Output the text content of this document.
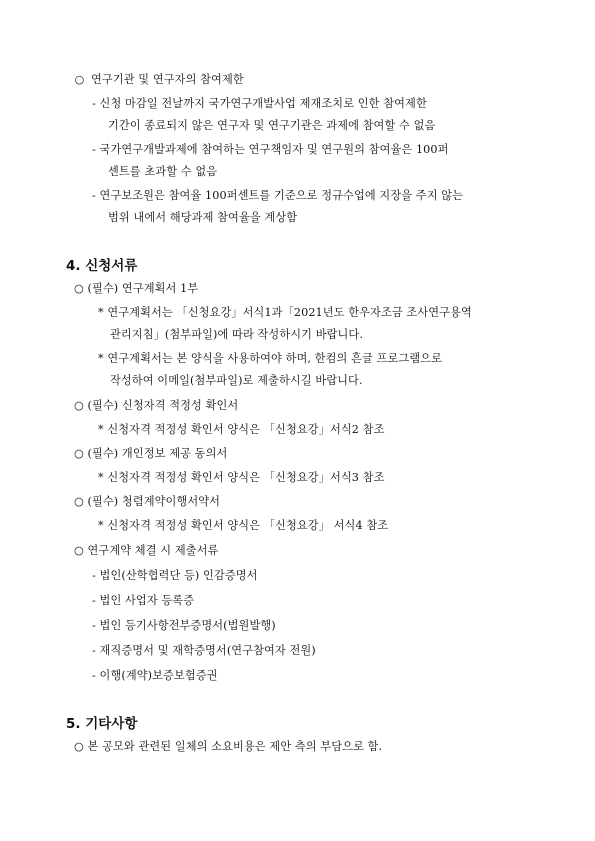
○ 연구기관 및 연구자의 참여제한
- 신청 마감일 전날까지 국가연구개발사업 제재조치로 인한 참여제한
기간이 종료되지 않은 연구자 및 연구기관은 과제에 참여할 수 없음
- 국가연구개발과제에 참여하는 연구책임자 및 연구원의 참여율은 100퍼
센트를 초과할 수 없음
- 연구보조원은 참여율 100퍼센트를 기준으로 정규수업에 지장을 주지 않는
범위 내에서 해당과제 참여율을 계상함
4. 신청서류
○ (필수) 연구계획서 1부
* 연구계획서는 「신청요강」서식1과「2021년도 한우자조금 조사연구용역
관리지침」(첨부파일)에 따라 작성하시기 바랍니다.
* 연구계획서는 본 양식을 사용하여야 하며, 한컴의 흔글 프로그램으로
작성하여 이메일(첨부파일)로 제출하시길 바랍니다.
○ (필수) 신청자격 적정성 확인서
* 신청자격 적정성 확인서 양식은 「신청요강」서식2 참조
○ (필수) 개인정보 제공 동의서
* 신청자격 적정성 확인서 양식은 「신청요강」서식3 참조
○ (필수) 청렴계약이행서약서
* 신청자격 적정성 확인서 양식은 「신청요강」 서식4 참조
○ 연구계약 체결 시 제출서류
- 법인(산학협력단 등) 인감증명서
- 법인 사업자 등록증
- 법인 등기사항전부증명서(법원발행)
- 재직증명서 및 재학증명서(연구참여자 전원)
- 이행(계약)보증보험증권
5. 기타사항
○ 본 공모와 관련된 일체의 소요비용은 제안 측의 부담으로 함.
